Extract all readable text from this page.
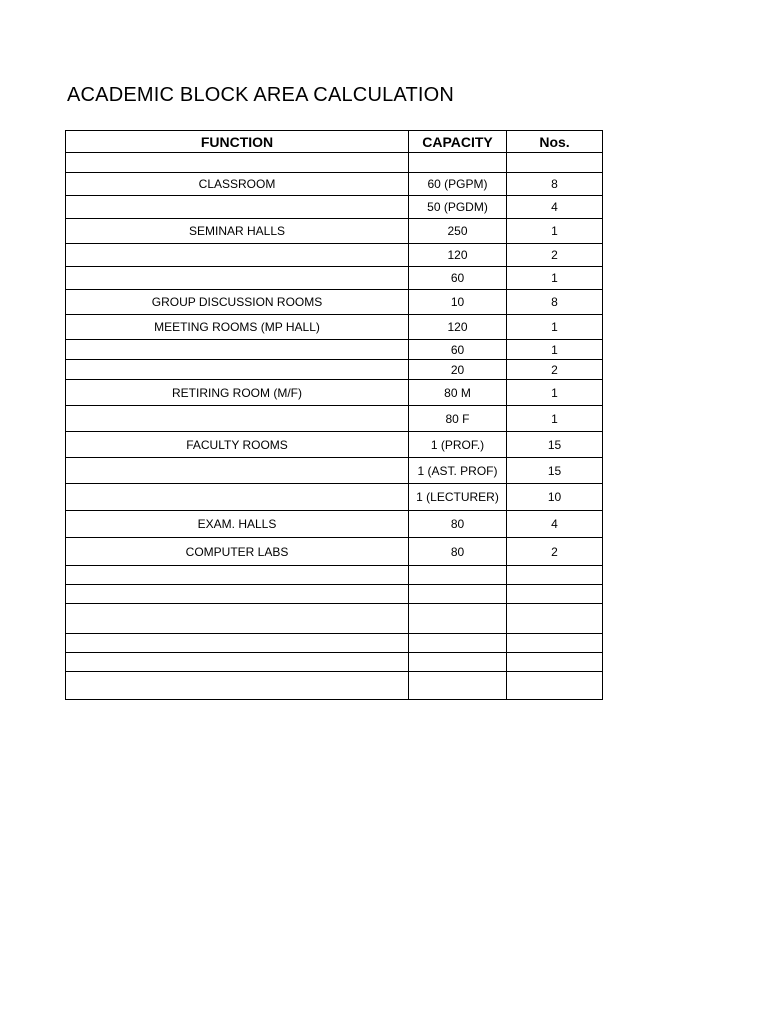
ACADEMIC BLOCK AREA CALCULATION
FUNCTION	CAPACITY	Nos.

CLASSROOM	60 (PGPM)	8
	50 (PGDM)	4
SEMINAR HALLS	250	1
	120	2
	60	1
GROUP DISCUSSION ROOMS	10	8
MEETING ROOMS (MP HALL)	120	1
	60	1
	20	2
RETIRING ROOM (M/F)	80 M	1
	80 F	1
FACULTY ROOMS	1 (PROF.)	15
	1 (AST. PROF)	15
	1 (LECTURER)	10
EXAM. HALLS	80	4
COMPUTER LABS	80	2
